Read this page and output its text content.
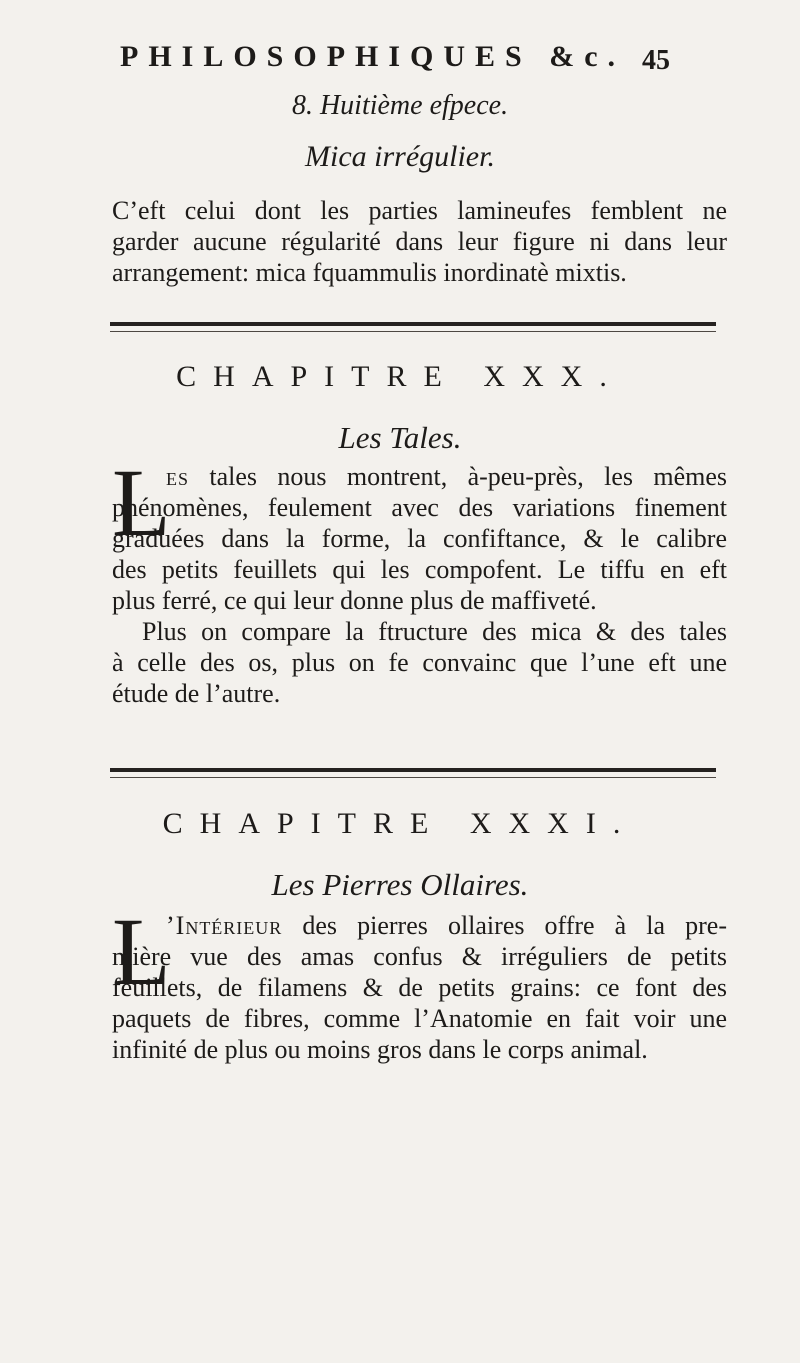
PHILOSOPHIQUES &c. 45
8. Huitième efpece.
Mica irrégulier.
C’eft celui dont les parties lamineufes femblent ne
garder aucune régularité dans leur figure ni dans leur
arrangement: mica fquammulis inordinatè mixtis.
CHAPITRE XXX.
Les Tales.
L
es tales nous montrent, à-peu-près, les mêmes
phénomènes, feulement avec des variations finement
graduées dans la forme, la confiftance, & le calibre
des petits feuillets qui les compofent. Le tiffu en eft
plus ferré, ce qui leur donne plus de maffiveté.
Plus on compare la ftructure des mica & des tales
à celle des os, plus on fe convainc que l’une eft une
étude de l’autre.
CHAPITRE XXXI.
Les Pierres Ollaires.
L
’Intérieur des pierres ollaires offre à la pre-
mière vue des amas confus & irréguliers de petits
feuillets, de filamens & de petits grains: ce font des
paquets de fibres, comme l’Anatomie en fait voir une
infinité de plus ou moins gros dans le corps animal.
